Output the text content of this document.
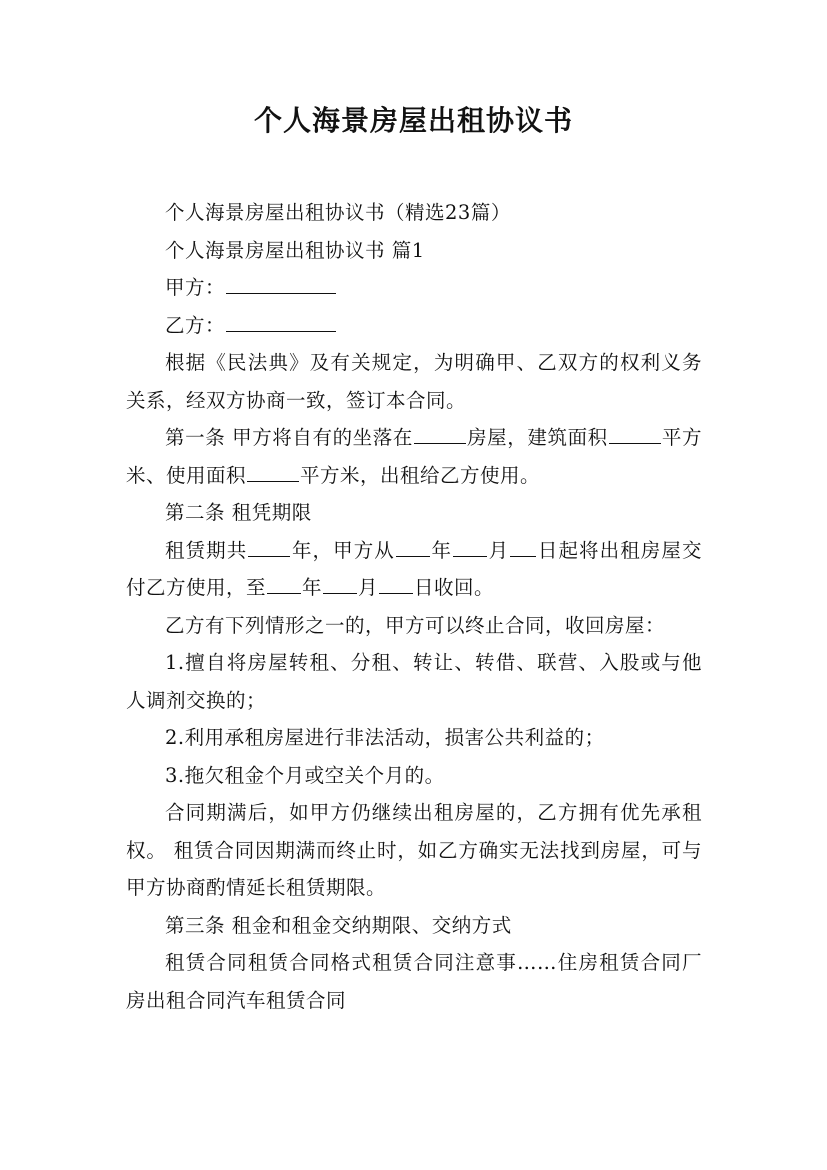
个人海景房屋出租协议书

个人海景房屋出租协议书（精选23篇）

个人海景房屋出租协议书 篇1

甲方：

乙方：

根据《民法典》及有关规定，为明确甲、乙双方的权利义务关系，经双方协商一致，签订本合同。

第一条 甲方将自有的坐落在	房屋，建筑面积	平方米、使用面积	平方米，出租给乙方使用。

第二条 租凭期限

租赁期共 年，甲方从 年 月 日起将出租房屋交付乙方使用，至 年 月 日收回。

乙方有下列情形之一的，甲方可以终止合同，收回房屋：

1.擅自将房屋转租、分租、转让、转借、联营、入股或与他人调剂交换的；

2.利用承租房屋进行非法活动，损害公共利益的；

3.拖欠租金个月或空关个月的。

合同期满后，如甲方仍继续出租房屋的，乙方拥有优先承租权。 租赁合同因期满而终止时，如乙方确实无法找到房屋，可与甲方协商酌情延长租赁期限。

第三条 租金和租金交纳期限、交纳方式

租赁合同租赁合同格式租赁合同注意事……住房租赁合同厂房出租合同汽车租赁合同
